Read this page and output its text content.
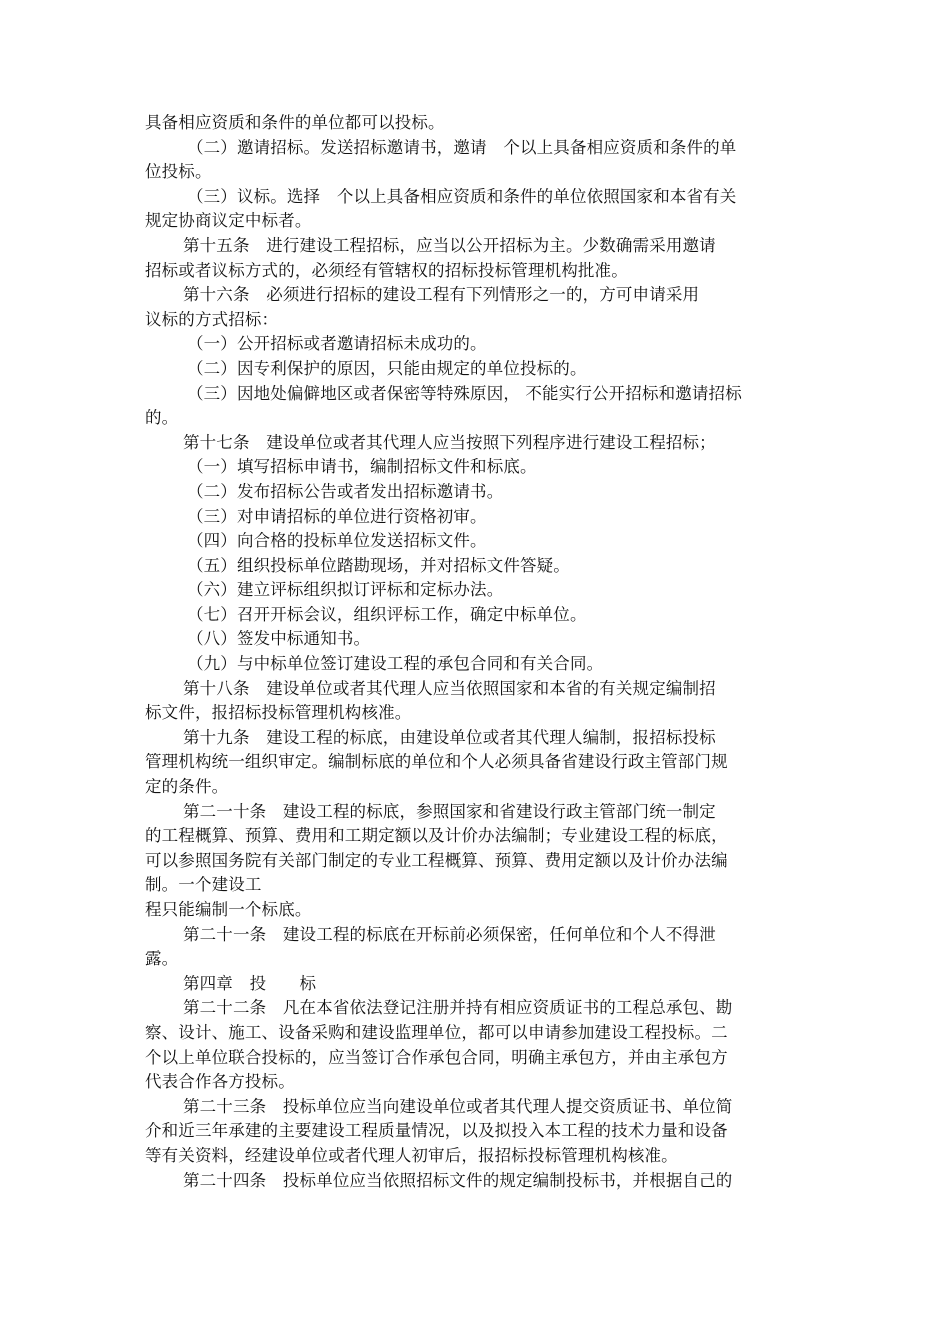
具备相应资质和条件的单位都可以投标。
（二）邀请招标。发送招标邀请书，邀请　个以上具备相应资质和条件的单
位投标。
（三）议标。选择　个以上具备相应资质和条件的单位依照国家和本省有关
规定协商议定中标者。
第十五条　进行建设工程招标，应当以公开招标为主。少数确需采用邀请
招标或者议标方式的，必须经有管辖权的招标投标管理机构批准。
第十六条　必须进行招标的建设工程有下列情形之一的，方可申请采用
议标的方式招标：
（一）公开招标或者邀请招标未成功的。
（二）因专利保护的原因，只能由规定的单位投标的。
（三）因地处偏僻地区或者保密等特殊原因， 不能实行公开招标和邀请招标
的。
第十七条　建设单位或者其代理人应当按照下列程序进行建设工程招标；
（一）填写招标申请书，编制招标文件和标底。
（二）发布招标公告或者发出招标邀请书。
（三）对申请招标的单位进行资格初审。
（四）向合格的投标单位发送招标文件。
（五）组织投标单位踏勘现场，并对招标文件答疑。
（六）建立评标组织拟订评标和定标办法。
（七）召开开标会议，组织评标工作，确定中标单位。
（八）签发中标通知书。
（九）与中标单位签订建设工程的承包合同和有关合同。
第十八条　建设单位或者其代理人应当依照国家和本省的有关规定编制招
标文件，报招标投标管理机构核准。
第十九条　建设工程的标底，由建设单位或者其代理人编制，报招标投标
管理机构统一组织审定。编制标底的单位和个人必须具备省建设行政主管部门规
定的条件。
第二一十条　建设工程的标底，参照国家和省建设行政主管部门统一制定
的工程概算、预算、费用和工期定额以及计价办法编制；专业建设工程的标底，
可以参照国务院有关部门制定的专业工程概算、预算、费用定额以及计价办法编
制。一个建设工
程只能编制一个标底。
第二十一条　建设工程的标底在开标前必须保密，任何单位和个人不得泄
露。
第四章　投　　标
第二十二条　凡在本省依法登记注册并持有相应资质证书的工程总承包、勘
察、设计、施工、设备采购和建设监理单位，都可以申请参加建设工程投标。二
个以上单位联合投标的，应当签订合作承包合同，明确主承包方，并由主承包方
代表合作各方投标。
第二十三条　投标单位应当向建设单位或者其代理人提交资质证书、单位简
介和近三年承建的主要建设工程质量情况，以及拟投入本工程的技术力量和设备
等有关资料，经建设单位或者代理人初审后，报招标投标管理机构核准。
第二十四条　投标单位应当依照招标文件的规定编制投标书，并根据自己的
